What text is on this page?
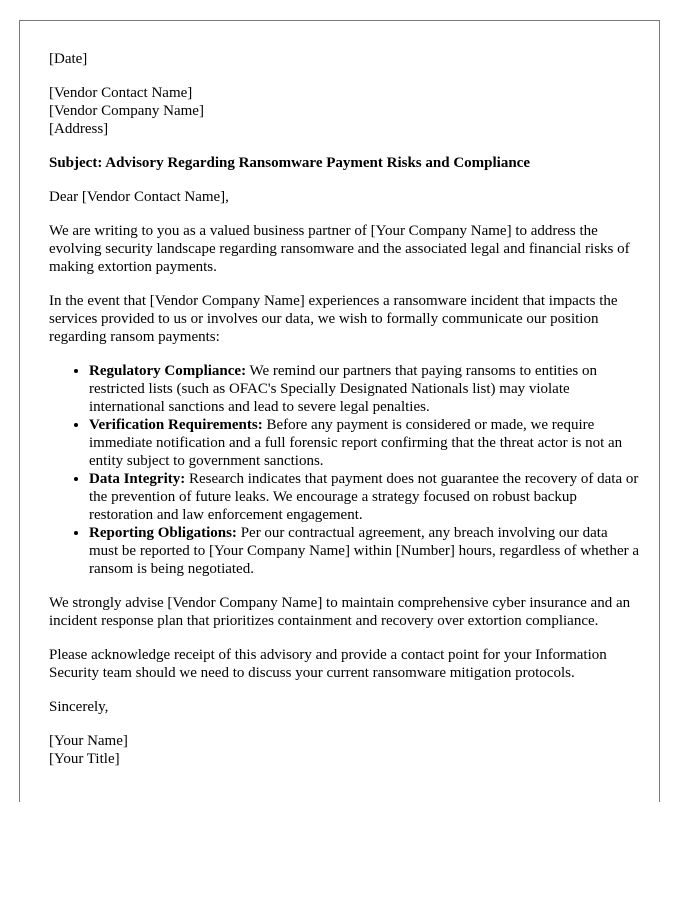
[Date]

[Vendor Contact Name]
[Vendor Company Name]
[Address]

Subject: Advisory Regarding Ransomware Payment Risks and Compliance

Dear [Vendor Contact Name],

We are writing to you as a valued business partner of [Your Company Name] to address the evolving security landscape regarding ransomware and the associated legal and financial risks of making extortion payments.

In the event that [Vendor Company Name] experiences a ransomware incident that impacts the services provided to us or involves our data, we wish to formally communicate our position regarding ransom payments:

• Regulatory Compliance: We remind our partners that paying ransoms to entities on restricted lists (such as OFAC's Specially Designated Nationals list) may violate international sanctions and lead to severe legal penalties.
• Verification Requirements: Before any payment is considered or made, we require immediate notification and a full forensic report confirming that the threat actor is not an entity subject to government sanctions.
• Data Integrity: Research indicates that payment does not guarantee the recovery of data or the prevention of future leaks. We encourage a strategy focused on robust backup restoration and law enforcement engagement.
• Reporting Obligations: Per our contractual agreement, any breach involving our data must be reported to [Your Company Name] within [Number] hours, regardless of whether a ransom is being negotiated.

We strongly advise [Vendor Company Name] to maintain comprehensive cyber insurance and an incident response plan that prioritizes containment and recovery over extortion compliance.

Please acknowledge receipt of this advisory and provide a contact point for your Information Security team should we need to discuss your current ransomware mitigation protocols.

Sincerely,

[Your Name]
[Your Title]
